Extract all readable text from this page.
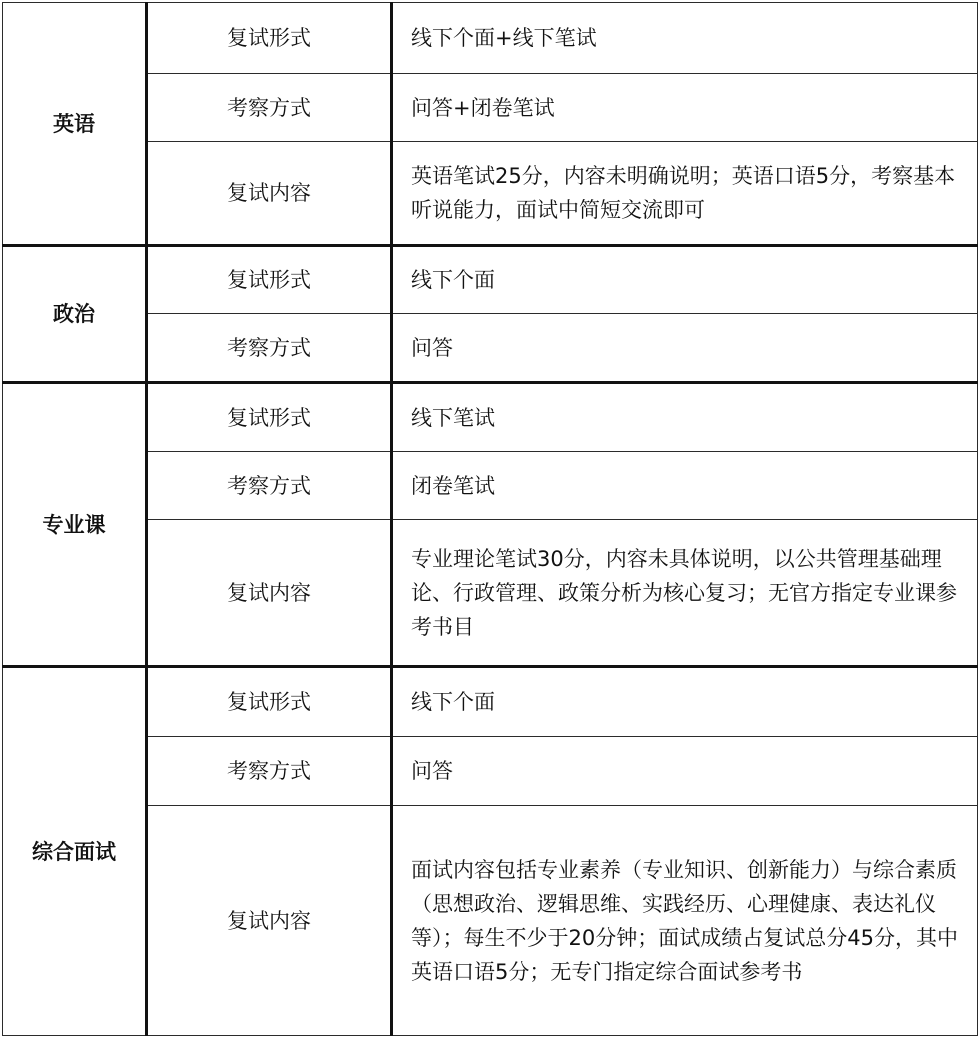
英语	复试形式	线下个面+线下笔试
	考察方式	问答+闭卷笔试
	复试内容	英语笔试25分，内容未明确说明；英语口语5分，考察基本听说能力，面试中简短交流即可
政治	复试形式	线下个面
	考察方式	问答
专业课	复试形式	线下笔试
	考察方式	闭卷笔试
	复试内容	专业理论笔试30分，内容未具体说明，以公共管理基础理论、行政管理、政策分析为核心复习；无官方指定专业课参考书目
综合面试	复试形式	线下个面
	考察方式	问答
	复试内容	面试内容包括专业素养（专业知识、创新能力）与综合素质（思想政治、逻辑思维、实践经历、心理健康、表达礼仪等）；每生不少于20分钟；面试成绩占复试总分45分，其中英语口语5分；无专门指定综合面试参考书
